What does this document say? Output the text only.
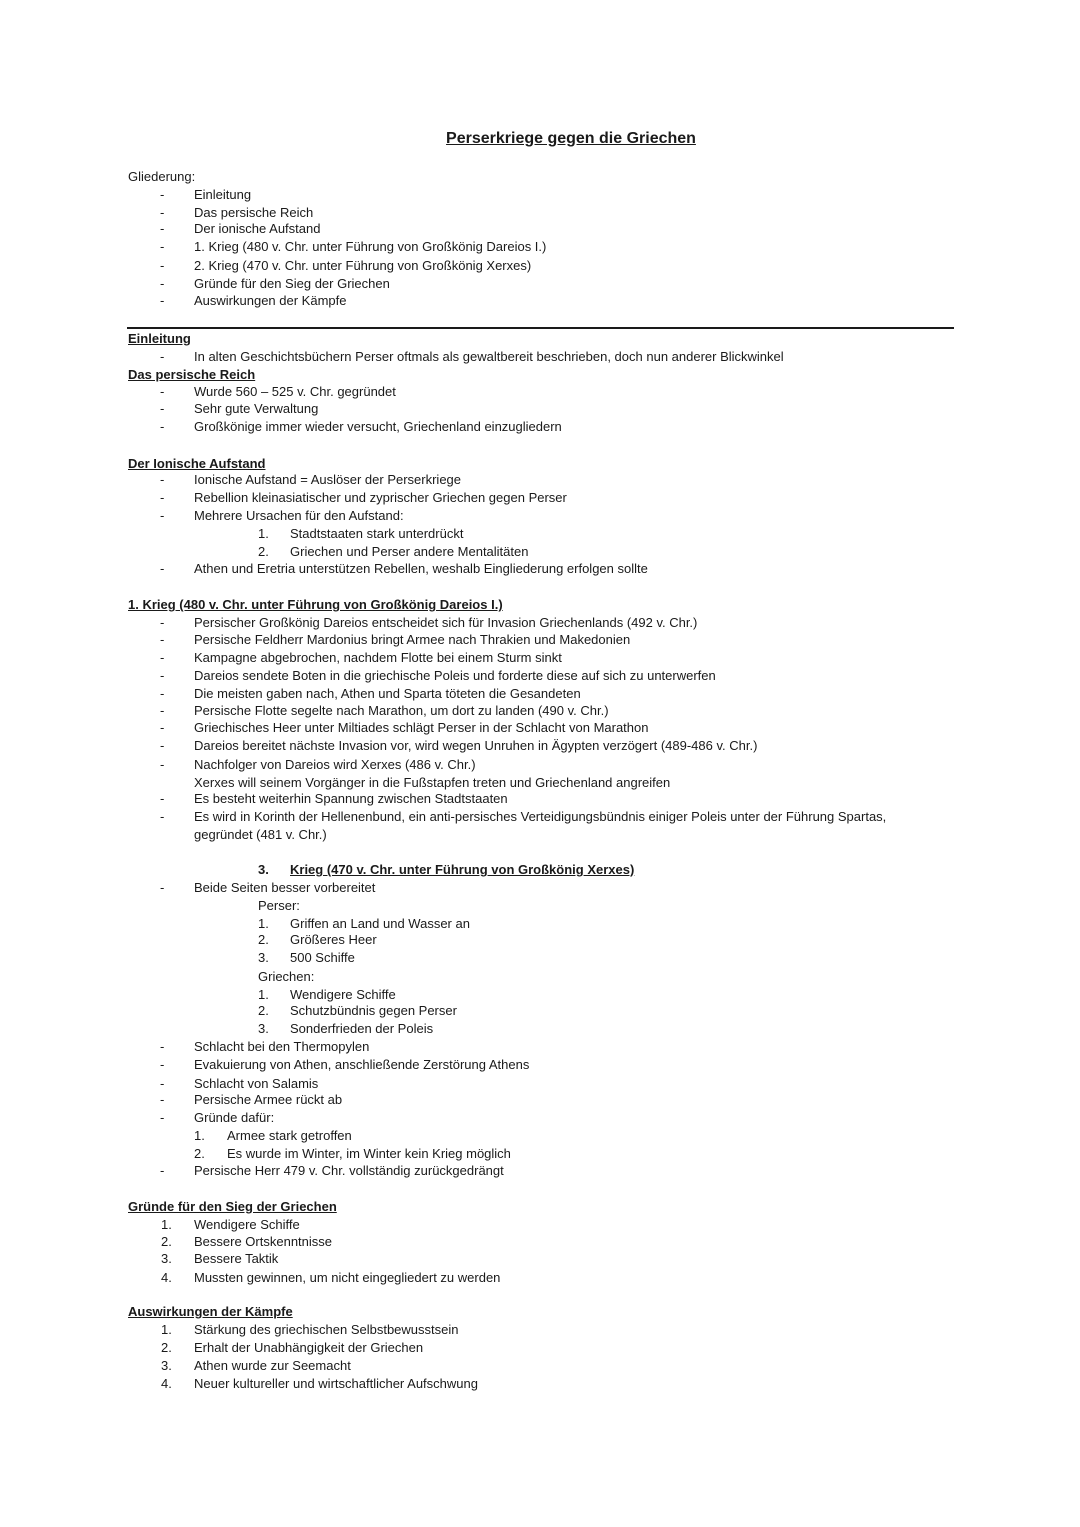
Perserkriege gegen die Griechen
Gliederung:
- Einleitung
- Das persische Reich
- Der ionische Aufstand
- 1. Krieg (480 v. Chr. unter Führung von Großkönig Dareios I.)
- 2. Krieg (470 v. Chr. unter Führung von Großkönig Xerxes)
- Gründe für den Sieg der Griechen
- Auswirkungen der Kämpfe
Einleitung
- In alten Geschichtsbüchern Perser oftmals als gewaltbereit beschrieben, doch nun anderer Blickwinkel
Das persische Reich
- Wurde 560 – 525 v. Chr. gegründet
- Sehr gute Verwaltung
- Großkönige immer wieder versucht, Griechenland einzugliedern
Der Ionische Aufstand
- Ionische Aufstand = Auslöser der Perserkriege
- Rebellion kleinasiatischer und zyprischer Griechen gegen Perser
- Mehrere Ursachen für den Aufstand:
1. Stadtstaaten stark unterdrückt
2. Griechen und Perser andere Mentalitäten
- Athen und Eretria unterstützen Rebellen, weshalb Eingliederung erfolgen sollte
1. Krieg (480 v. Chr. unter Führung von Großkönig Dareios I.)
- Persischer Großkönig Dareios entscheidet sich für Invasion Griechenlands (492 v. Chr.)
- Persische Feldherr Mardonius bringt Armee nach Thrakien und Makedonien
- Kampagne abgebrochen, nachdem Flotte bei einem Sturm sinkt
- Dareios sendete Boten in die griechische Poleis und forderte diese auf sich zu unterwerfen
- Die meisten gaben nach, Athen und Sparta töteten die Gesandeten
- Persische Flotte segelte nach Marathon, um dort zu landen (490 v. Chr.)
- Griechisches Heer unter Miltiades schlägt Perser in der Schlacht von Marathon
- Dareios bereitet nächste Invasion vor, wird wegen Unruhen in Ägypten verzögert (489-486 v. Chr.)
- Nachfolger von Dareios wird Xerxes (486 v. Chr.)
Xerxes will seinem Vorgänger in die Fußstapfen treten und Griechenland angreifen
- Es besteht weiterhin Spannung zwischen Stadtstaaten
- Es wird in Korinth der Hellenenbund, ein anti-persisches Verteidigungsbündnis einiger Poleis unter der Führung Spartas,
gegründet (481 v. Chr.)
3. Krieg (470 v. Chr. unter Führung von Großkönig Xerxes)
- Beide Seiten besser vorbereitet
Perser:
1. Griffen an Land und Wasser an
2. Größeres Heer
3. 500 Schiffe
Griechen:
1. Wendigere Schiffe
2. Schutzbündnis gegen Perser
3. Sonderfrieden der Poleis
- Schlacht bei den Thermopylen
- Evakuierung von Athen, anschließende Zerstörung Athens
- Schlacht von Salamis
- Persische Armee rückt ab
- Gründe dafür:
1. Armee stark getroffen
2. Es wurde im Winter, im Winter kein Krieg möglich
- Persische Herr 479 v. Chr. vollständig zurückgedrängt
Gründe für den Sieg der Griechen
1. Wendigere Schiffe
2. Bessere Ortskenntnisse
3. Bessere Taktik
4. Mussten gewinnen, um nicht eingegliedert zu werden
Auswirkungen der Kämpfe
1. Stärkung des griechischen Selbstbewusstsein
2. Erhalt der Unabhängigkeit der Griechen
3. Athen wurde zur Seemacht
4. Neuer kultureller und wirtschaftlicher Aufschwung
